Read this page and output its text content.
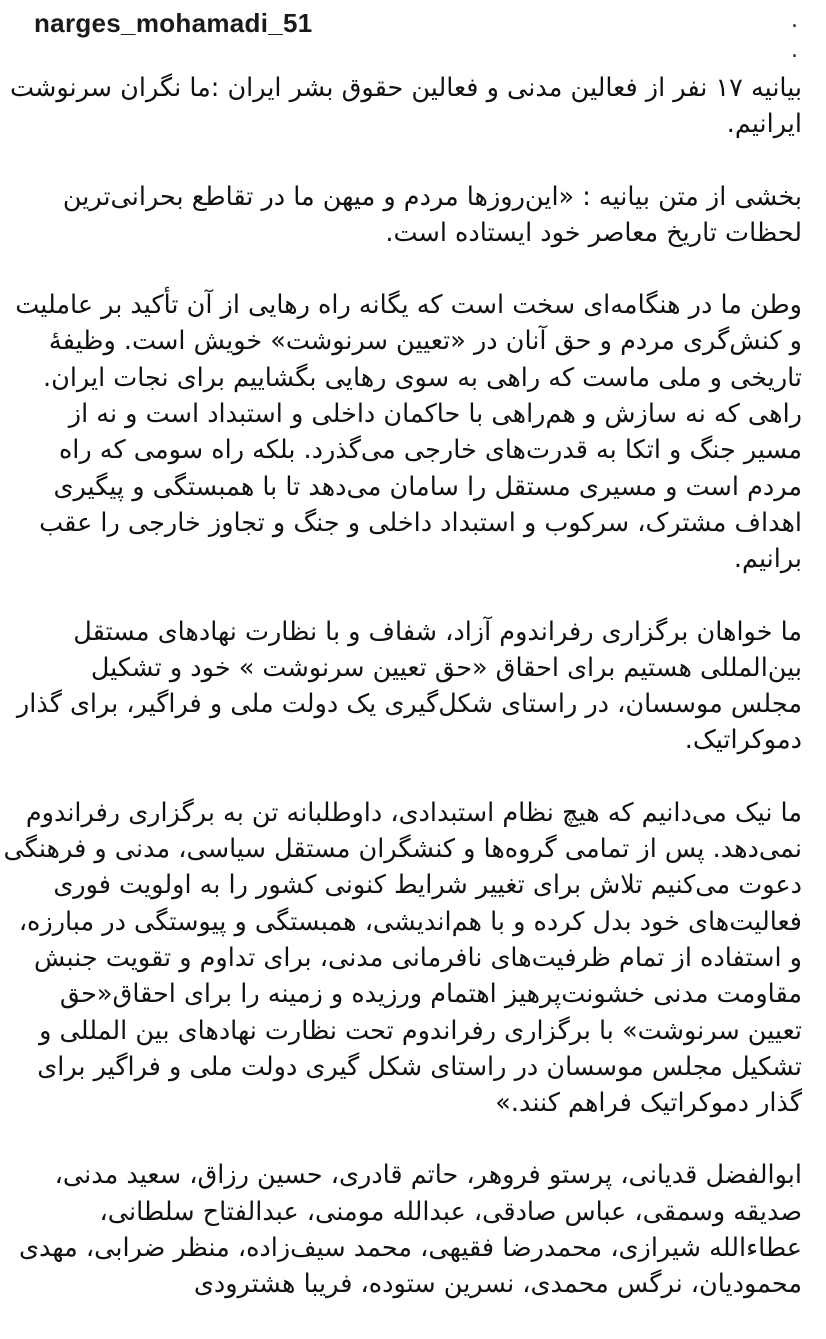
narges_mohamadi_51	.
.

بیانیه ۱۷ نفر از فعالین مدنی و فعالین حقوق بشر ایران :ما نگران سرنوشت
ایرانیم.

بخشی از متن بیانیه : «این‌روزها مردم و میهن ما در تقاطع بحرانی‌ترین
لحظات تاریخ معاصر خود ایستاده است.

وطن ما در هنگامه‌ای سخت است که یگانه راه رهایی از آن تأکید بر عاملیت
و کنش‌گری مردم و حق آنان در «تعیین سرنوشت» خویش است. وظیفهٔ
تاریخی و ملی ماست که راهی به سوی رهایی بگشاییم برای نجات ایران.
راهی که نه سازش و هم‌راهی با حاکمان داخلی و استبداد است و نه از
مسیر جنگ و اتکا به قدرت‌های خارجی می‌گذرد. بلکه راه سومی که راه
مردم است و مسیری مستقل را سامان می‌دهد تا با همبستگی و پیگیری
اهداف مشترک، سرکوب و استبداد داخلی و جنگ و تجاوز خارجی را عقب
برانیم.

ما خواهان برگزاری رفراندوم آزاد، شفاف و با نظارت نهادهای مستقل
بین‌المللی هستیم برای احقاق «حق تعیین سرنوشت » خود و تشکیل
مجلس موسسان، در راستای شکل‌گیری یک دولت ملی و فراگیر، برای گذار
دموکراتیک.

ما نیک می‌دانیم که هیچ نظام استبدادی، داوطلبانه تن به برگزاری رفراندوم
نمی‌دهد. پس از تمامی گروه‌ها و کنشگران مستقل سیاسی، مدنی و فرهنگی
دعوت می‌کنیم تلاش برای تغییر شرایط کنونی کشور را به اولویت فوری
فعالیت‌های خود بدل کرده و با هم‌اندیشی، همبستگی و پیوستگی در مبارزه،
و استفاده از تمام ظرفیت‌های نافرمانی مدنی، برای تداوم و تقویت جنبش
مقاومت مدنی خشونت‌پرهیز اهتمام ورزیده و زمینه را برای احقاق«حق
تعیین سرنوشت» با برگزاری رفراندوم تحت نظارت نهادهای بین المللی و
تشکیل مجلس موسسان در راستای شکل گیری دولت ملی و فراگیر برای
گذار دموکراتیک فراهم کنند.»

ابوالفضل قدیانی، پرستو فروهر، حاتم قادری، حسین رزاق، سعید مدنی،
صدیقه وسمقی، عباس صادقی، عبدالله مومنی، عبدالفتاح سلطانی،
عطاءالله شیرازی، محمدرضا فقیهی، محمد سیف‌زاده، منظر ضرابی، مهدی
محمودیان، نرگس محمدی، نسرین ستوده، فریبا هشترودی
